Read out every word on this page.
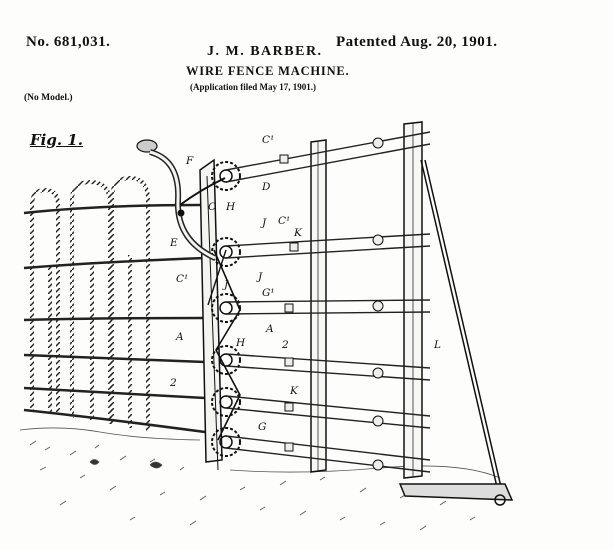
No. 681,031.	Patented Aug. 20, 1901.
J. M. BARBER.
WIRE FENCE MACHINE.
(Application filed May 17, 1901.)
(No Model.)
Fig. 1.	C¹
F
D
C H
E
J C¹
K
C¹	J
J
G¹
A
A
H	2
2
K
G
L
